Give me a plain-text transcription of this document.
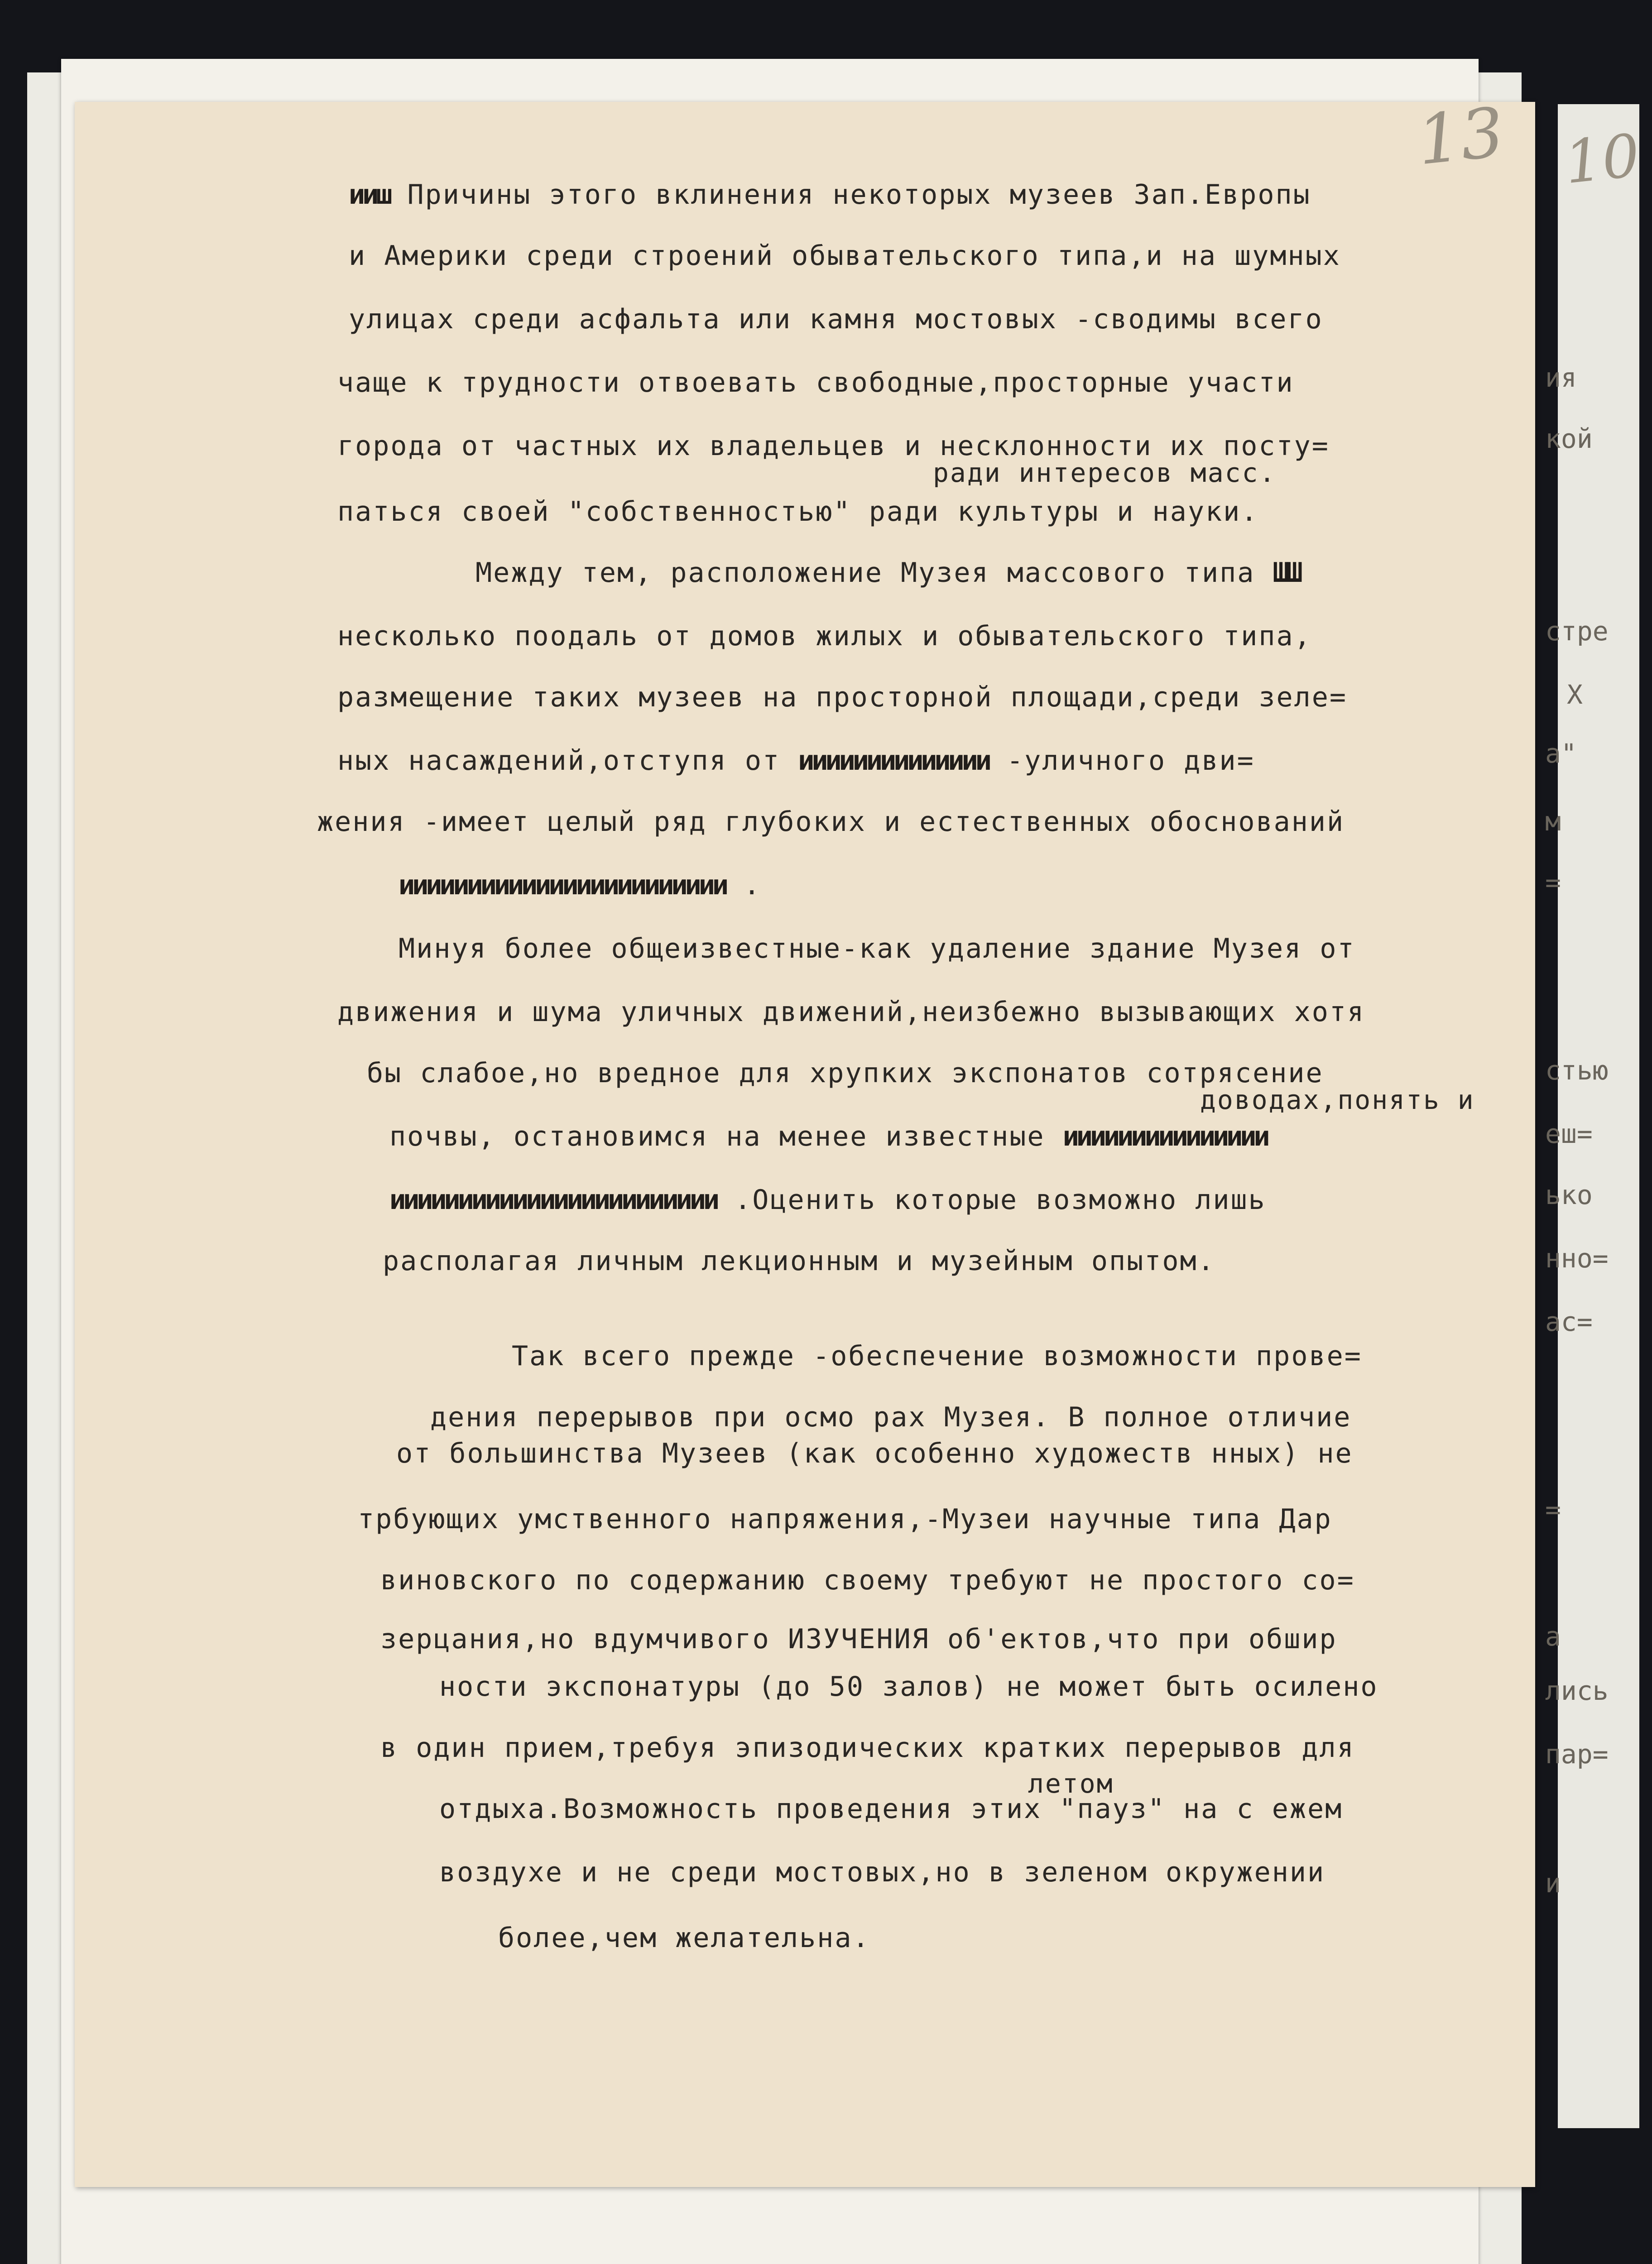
10
ия
кой
стре
Х
а"
м
=
стью
еш=
ько
нно=
ас=
=
а
лись
пар=
и
13
ииш Причины этого вклинения некоторых музеев Зап.Европы
и Америки среди строений обывательского типа,и на шумных
улицах среди асфальта или камня мостовых -сводимы всего
чаще к трудности отвоевать свободные,просторные участи
города от частных их владельцев и несклонности их посту=
ради интересов масс.
паться своей "собственностью" ради культуры и науки.
Между тем, расположение Музея массового типа ШШ
несколько поодаль от домов жилых и обывательского типа,
размещение таких музеев на просторной площади,среди зеле=
ных насаждений,отступя от ииииииииииииии -уличного дви=
жения -имеет целый ряд глубоких и естественных обоснований
ииииииииииииииииииииииии .
Минуя более общеизвестные-как удаление здание Музея от
движения и шума уличных движений,неизбежно вызывающих хотя
бы слабое,но вредное для хрупких экспонатов сотрясение
доводах,понять и
почвы, остановимся на менее известные иииииииииииииии
ииииииииииииииииииииииии .Оценить которые возможно лишь
располагая личным лекционным и музейным опытом.
Так всего прежде -обеспечение возможности прове=
дения перерывов при осмо рах Музея. В полное отличие
от большинства Музеев (как особенно художеств нных) не
трбующих умственного напряжения,-Музеи научные типа Дар
виновского по содержанию своему требуют не простого со=
зерцания,но вдумчивого ИЗУЧЕНИЯ об'ектов,что при обшир
ности экспонатуры (до 50 залов) не может быть осилено
в один прием,требуя эпизодических кратких перерывов для
летом
отдыха.Возможность проведения этих "пауз" на с ежем
воздухе и не среди мостовых,но в зеленом окружении
более,чем желательна.
